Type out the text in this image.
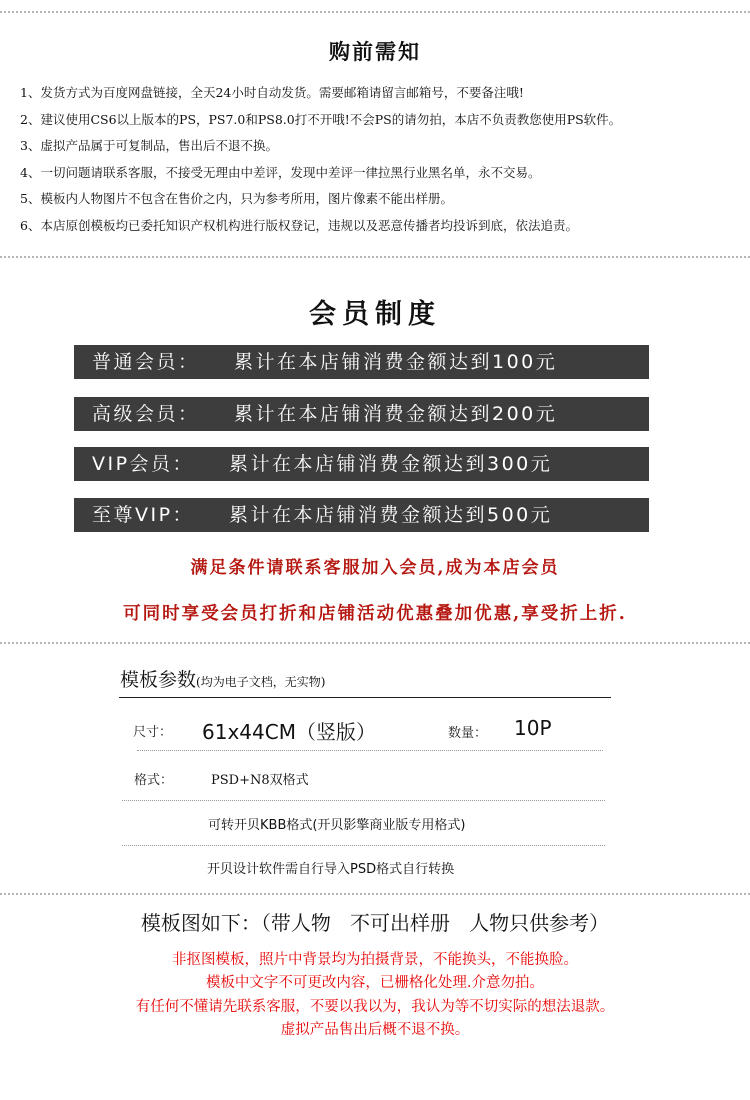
购前需知
1、发货方式为百度网盘链接，全天24小时自动发货。需要邮箱请留言邮箱号，不要备注哦!
2、建议使用CS6以上版本的PS，PS7.0和PS8.0打不开哦!不会PS的请勿拍，本店不负责教您使用PS软件。
3、虚拟产品属于可复制品，售出后不退不换。
4、一切问题请联系客服，不接受无理由中差评，发现中差评一律拉黑行业黑名单，永不交易。
5、模板内人物图片不包含在售价之内，只为参考所用，图片像素不能出样册。
6、本店原创模板均已委托知识产权机构进行版权登记，违规以及恶意传播者均投诉到底，依法追责。
会员制度
普通会员： 累计在本店铺消费金额达到100元
高级会员： 累计在本店铺消费金额达到200元
VIP会员： 累计在本店铺消费金额达到300元
至尊VIP： 累计在本店铺消费金额达到500元
满足条件请联系客服加入会员,成为本店会员
可同时享受会员打折和店铺活动优惠叠加优惠,享受折上折.
模板参数(均为电子文档，无实物)
尺寸： 61x44CM（竖版）	数量： 10P
格式：	PSD+N8双格式
可转开贝KBB格式(开贝影擎商业版专用格式)
开贝设计软件需自行导入PSD格式自行转换
模板图如下：（带人物   不可出样册   人物只供参考）
非抠图模板，照片中背景均为拍摄背景，不能换头，不能换脸。
模板中文字不可更改内容，已栅格化处理.介意勿拍。
有任何不懂请先联系客服，不要以我以为，我认为等不切实际的想法退款。
虚拟产品售出后概不退不换。
